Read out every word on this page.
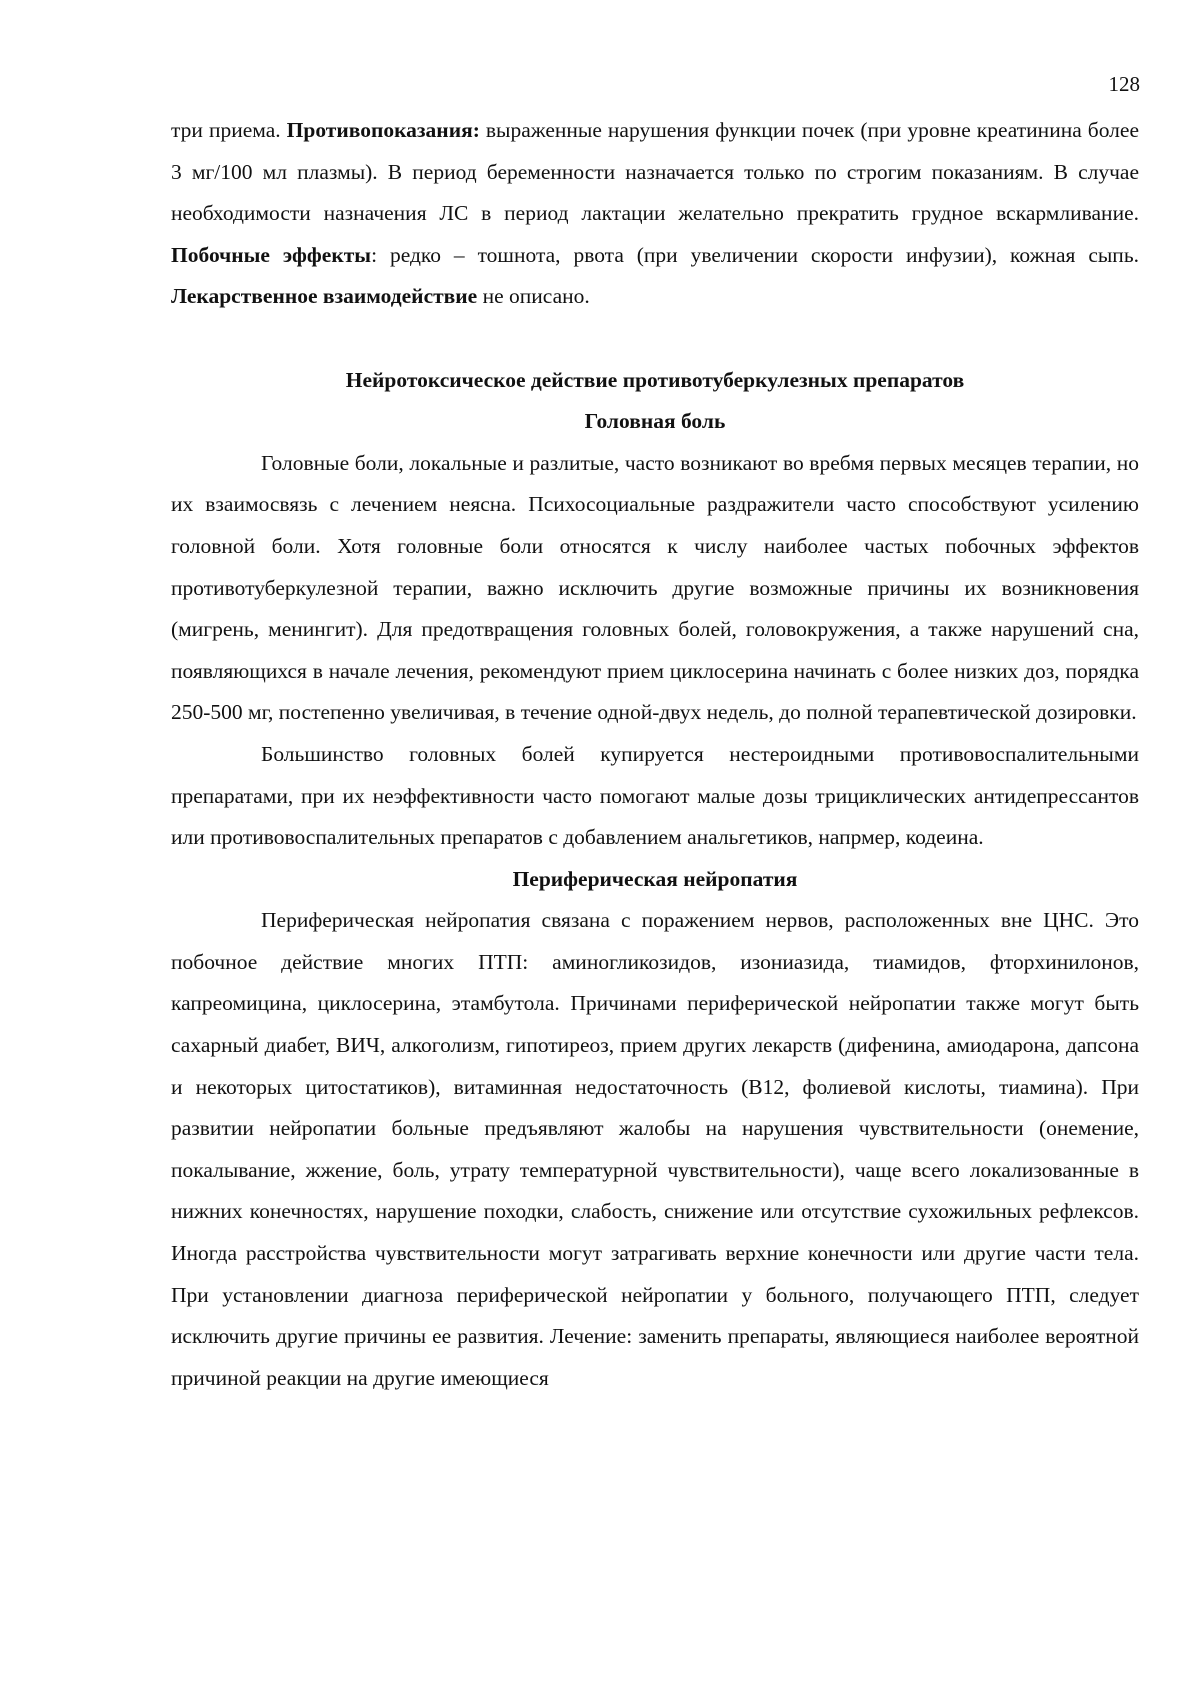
128

три приема. Противопоказания: выраженные нарушения функции почек (при уровне креатинина более 3 мг/100 мл плазмы). В период беременности назначается только по строгим показаниям. В случае необходимости назначения ЛС в период лактации желательно прекратить грудное вскармливание. Побочные эффекты: редко – тошнота, рвота (при увеличении скорости инфузии), кожная сыпь. Лекарственное взаимодействие не описано.

Нейротоксическое действие противотуберкулезных препаратов
Головная боль

Головные боли, локальные и разлитые, часто возникают во вребмя первых месяцев терапии, но их взаимосвязь с лечением неясна. Психосоциальные раздражители часто способствуют усилению головной боли. Хотя головные боли относятся к числу наиболее частых побочных эффектов противотуберкулезной терапии, важно исключить другие возможные причины их возникновения (мигрень, менингит). Для предотвращения головных болей, головокружения, а также нарушений сна, появляющихся в начале лечения, рекомендуют прием циклосерина начинать с более низких доз, порядка 250-500 мг, постепенно увеличивая, в течение одной-двух недель, до полной терапевтической дозировки.

Большинство головных болей купируется нестероидными противовоспалительными препаратами, при их неэффективности часто помогают малые дозы трициклических антидепрессантов или противовоспалительных препаратов с добавлением анальгетиков, напрмер, кодеина.

Периферическая нейропатия

Периферическая нейропатия связана с поражением нервов, расположенных вне ЦНС. Это побочное действие многих ПТП: аминогликозидов, изониазида, тиамидов, фторхинилонов, капреомицина, циклосерина, этамбутола. Причинами периферической нейропатии также могут быть сахарный диабет, ВИЧ, алкоголизм, гипотиреоз, прием других лекарств (дифенина, амиодарона, дапсона и некоторых цитостатиков), витаминная недостаточность (В12, фолиевой кислоты, тиамина). При развитии нейропатии больные предъявляют жалобы на нарушения чувствительности (онемение, покалывание, жжение, боль, утрату температурной чувствительности), чаще всего локализованные в нижних конечностях, нарушение походки, слабость, снижение или отсутствие сухожильных рефлексов. Иногда расстройства чувствительности могут затрагивать верхние конечности или другие части тела. При установлении диагноза периферической нейропатии у больного, получающего ПТП, следует исключить другие причины ее развития. Лечение: заменить препараты, являющиеся наиболее вероятной причиной реакции на другие имеющиеся
